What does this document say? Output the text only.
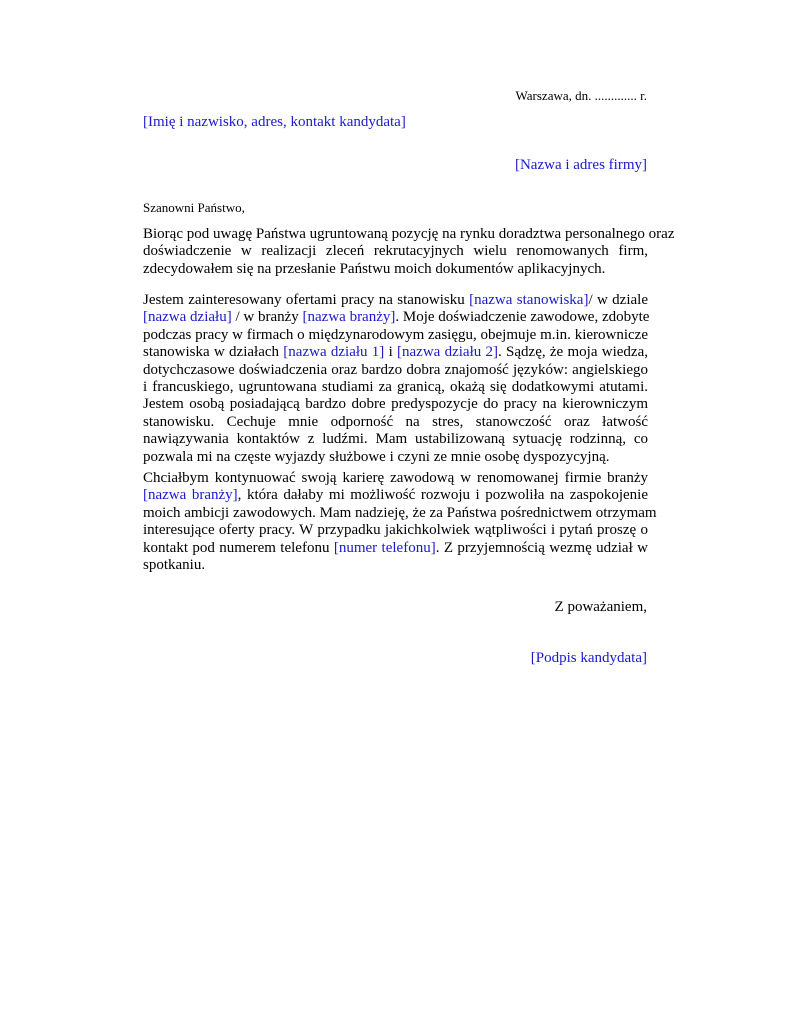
Warszawa, dn. ............. r.
[Imię i nazwisko, adres, kontakt kandydata]
[Nazwa i adres firmy]
Szanowni Państwo,
Biorąc pod uwagę Państwa ugruntowaną pozycję na rynku doradztwa personalnego oraz
doświadczenie w realizacji zleceń rekrutacyjnych wielu renomowanych firm,
zdecydowałem się na przesłanie Państwu moich dokumentów aplikacyjnych.
Jestem zainteresowany ofertami pracy na stanowisku [nazwa stanowiska]/ w dziale
[nazwa działu] / w branży [nazwa branży]. Moje doświadczenie zawodowe, zdobyte
podczas pracy w firmach o międzynarodowym zasięgu, obejmuje m.in. kierownicze
stanowiska w działach [nazwa działu 1] i [nazwa działu 2]. Sądzę, że moja wiedza,
dotychczasowe doświadczenia oraz bardzo dobra znajomość języków: angielskiego
i francuskiego, ugruntowana studiami za granicą, okażą się dodatkowymi atutami.
Jestem osobą posiadającą bardzo dobre predyspozycje do pracy na kierowniczym
stanowisku. Cechuje mnie odporność na stres, stanowczość oraz łatwość
nawiązywania kontaktów z ludźmi. Mam ustabilizowaną sytuację rodzinną, co
pozwala mi na częste wyjazdy służbowe i czyni ze mnie osobę dyspozycyjną.
Chciałbym kontynuować swoją karierę zawodową w renomowanej firmie branży
[nazwa branży], która dałaby mi możliwość rozwoju i pozwoliła na zaspokojenie
moich ambicji zawodowych. Mam nadzieję, że za Państwa pośrednictwem otrzymam
interesujące oferty pracy. W przypadku jakichkolwiek wątpliwości i pytań proszę o
kontakt pod numerem telefonu [numer telefonu]. Z przyjemnością wezmę udział w
spotkaniu.
Z poważaniem,
[Podpis kandydata]
